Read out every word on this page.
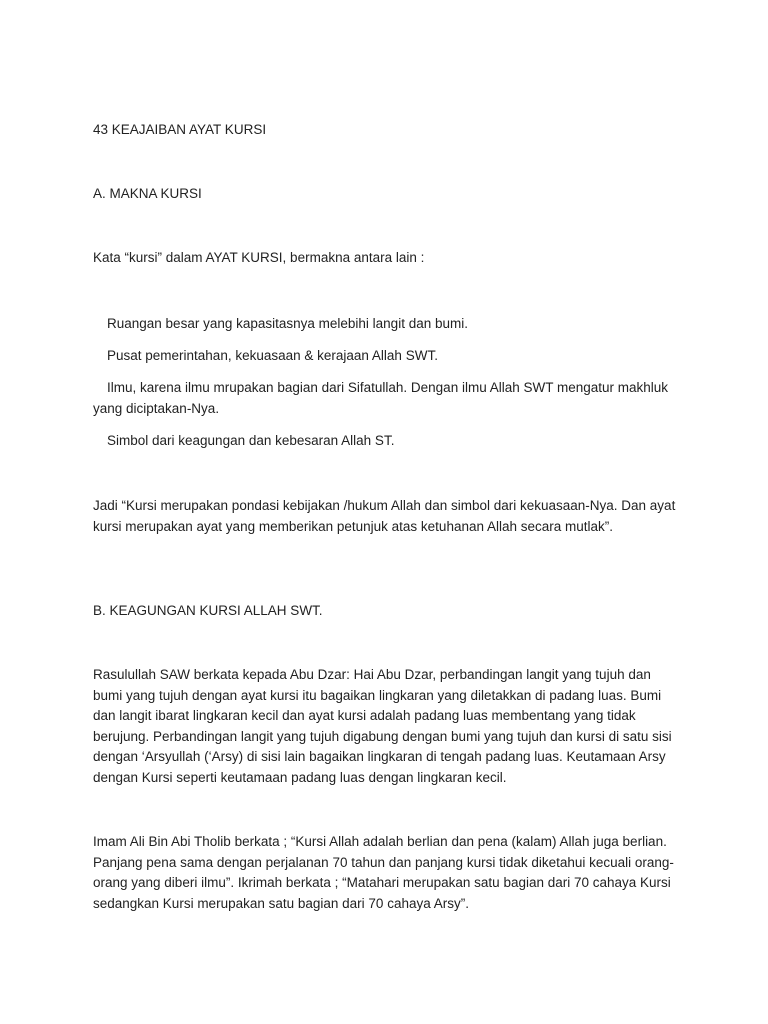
43 KEAJAIBAN AYAT KURSI
A. MAKNA KURSI
Kata “kursi” dalam AYAT KURSI, bermakna antara lain :
Ruangan besar yang kapasitasnya melebihi langit dan bumi.
Pusat pemerintahan, kekuasaan & kerajaan Allah SWT.
Ilmu, karena ilmu mrupakan bagian dari Sifatullah. Dengan ilmu Allah SWT mengatur makhluk yang diciptakan-Nya.
Simbol dari keagungan dan kebesaran Allah ST.
Jadi “Kursi merupakan pondasi kebijakan /hukum Allah dan simbol dari kekuasaan-Nya. Dan ayat kursi merupakan ayat yang memberikan petunjuk atas ketuhanan Allah secara mutlak”.
B. KEAGUNGAN KURSI ALLAH SWT.
Rasulullah SAW berkata kepada Abu Dzar: Hai Abu Dzar, perbandingan langit yang tujuh dan bumi yang tujuh dengan ayat kursi itu bagaikan lingkaran yang diletakkan di padang luas. Bumi dan langit ibarat lingkaran kecil dan ayat kursi adalah padang luas membentang yang tidak berujung. Perbandingan langit yang tujuh digabung dengan bumi yang tujuh dan kursi di satu sisi dengan ‘Arsyullah (‘Arsy) di sisi lain bagaikan lingkaran di tengah padang luas. Keutamaan Arsy dengan Kursi seperti keutamaan padang luas dengan lingkaran kecil.
Imam Ali Bin Abi Tholib berkata ; “Kursi Allah adalah berlian dan pena (kalam) Allah juga berlian. Panjang pena sama dengan perjalanan 70 tahun dan panjang kursi tidak diketahui kecuali orang-orang yang diberi ilmu”. Ikrimah berkata ; “Matahari merupakan satu bagian dari 70 cahaya Kursi sedangkan Kursi merupakan satu bagian dari 70 cahaya Arsy”.
